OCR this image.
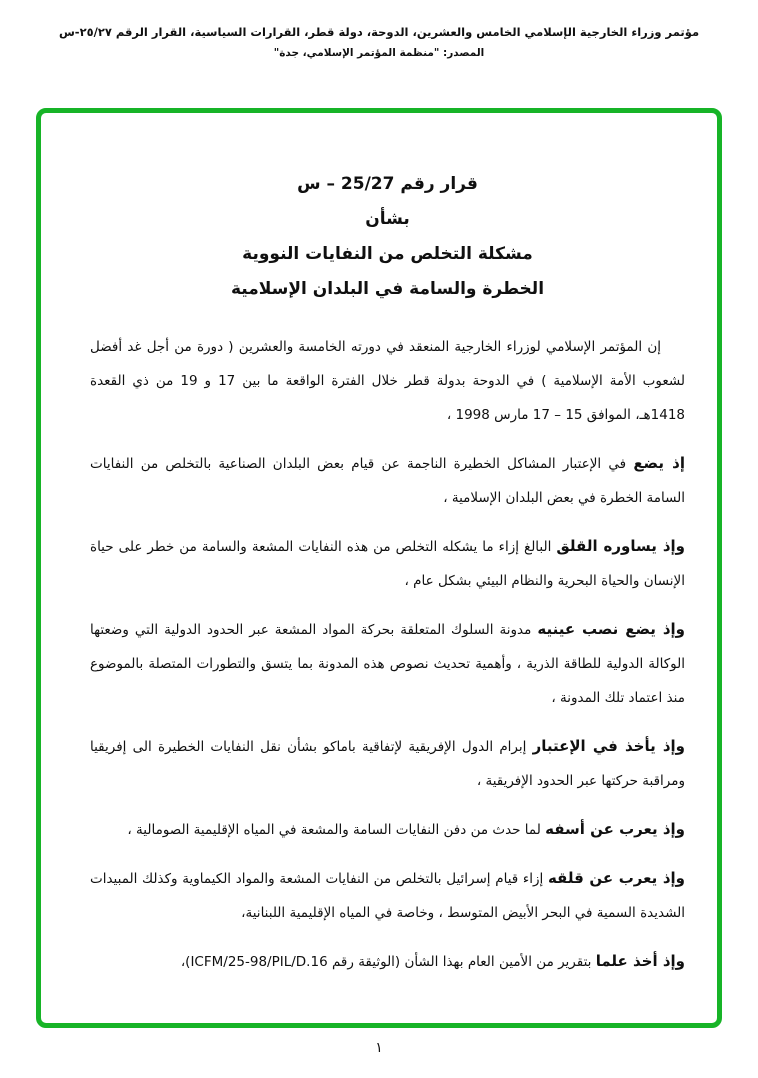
مؤتمر وزراء الخارجية الإسلامي الخامس والعشرين، الدوحة، دولة قطر، القرارات السياسية، القرار الرقم ٢٥/٢٧-س
المصدر: "منظمة المؤتمر الإسلامي، جدة"
قرار رقم 25/27 – س
بشأن
مشكلة التخلص من النفايات النووية
الخطرة والسامة في البلدان الإسلامية

إن المؤتمر الإسلامي لوزراء الخارجية المنعقد في دورته الخامسة والعشرين ( دورة من أجل غد أفضل لشعوب الأمة الإسلامية ) في الدوحة بدولة قطر خلال الفترة الواقعة ما بين 17 و 19 من ذي القعدة 1418هـ، الموافق 15 – 17 مارس 1998 ،

إذ يضع في الإعتبار المشاكل الخطيرة الناجمة عن قيام بعض البلدان الصناعية بالتخلص من النفايات السامة الخطرة في بعض البلدان الإسلامية ،

وإذ يساوره القلق البالغ إزاء ما يشكله التخلص من هذه النفايات المشعة والسامة من خطر على حياة الإنسان والحياة البحرية والنظام البيئي بشكل عام ،

وإذ يضع نصب عينيه مدونة السلوك المتعلقة بحركة المواد المشعة عبر الحدود الدولية التي وضعتها الوكالة الدولية للطاقة الذرية ، وأهمية تحديث نصوص هذه المدونة بما يتسق والتطورات المتصلة بالموضوع منذ اعتماد تلك المدونة ،

وإذ يأخذ في الإعتبار إبرام الدول الإفريقية لإتفاقية باماكو بشأن نقل النفايات الخطيرة الى إفريقيا ومراقبة حركتها عبر الحدود الإفريقية ،

وإذ يعرب عن أسفه لما حدث من دفن النفايات السامة والمشعة في المياه الإقليمية الصومالية ،

وإذ يعرب عن قلقه إزاء قيام إسرائيل بالتخلص من النفايات المشعة والمواد الكيماوية وكذلك المبيدات الشديدة السمية في البحر الأبيض المتوسط ، وخاصة في المياه الإقليمية اللبنانية،

وإذ أخذ علما بتقرير من الأمين العام بهذا الشأن (الوثيقة رقم ICFM/25-98/PIL/D.16)،

١
